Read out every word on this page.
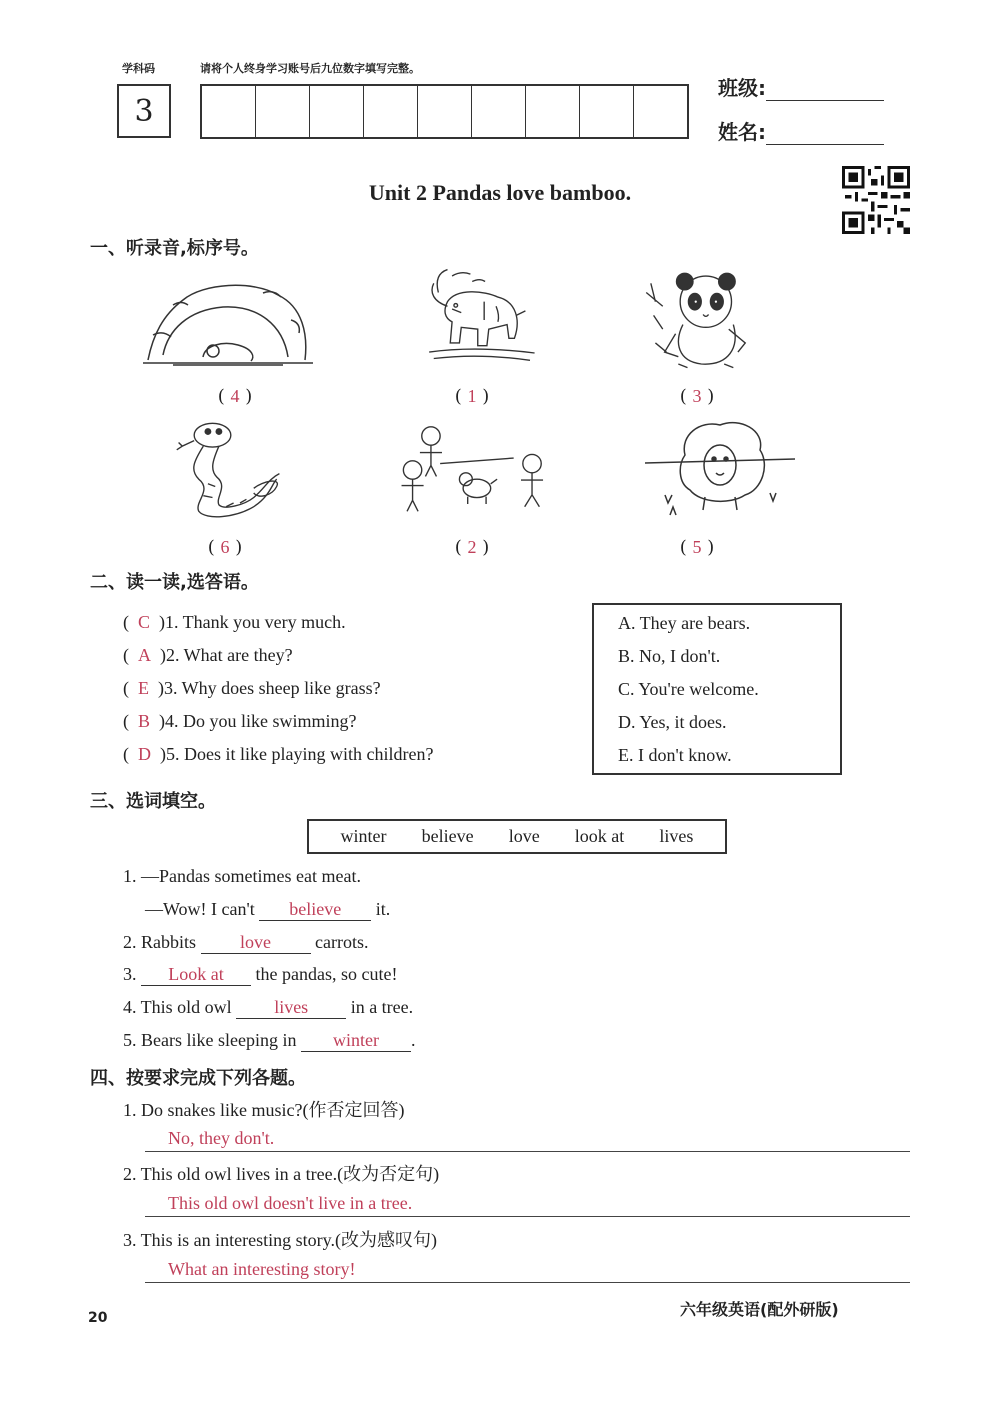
学科码	请将个人终身学习账号后九位数字填写完整。
3
班级:
姓名:
Unit 2 Pandas love bamboo.
一、听录音,标序号。
( 4 )	( 1 )	( 3 )
( 6 )	( 2 )	( 5 )
二、读一读,选答语。
(  C )1. Thank you very much.
(  A )2. What are they?
(  E )3. Why does sheep like grass?
(  B )4. Do you like swimming?
(  D )5. Does it like playing with children?
A. They are bears.
B. No, I don't.
C. You're welcome.
D. Yes, it does.
E. I don't know.
三、选词填空。
winter believe love look at lives
1. —Pandas sometimes eat meat.
—Wow! I can't believe it.
2. Rabbits love carrots.
3. Look at the pandas, so cute!
4. This old owl lives in a tree.
5. Bears like sleeping in winter .
四、按要求完成下列各题。
1. Do snakes like music?(作否定回答)
No, they don't.
2. This old owl lives in a tree.(改为否定句)
This old owl doesn't live in a tree.
3. This is an interesting story.(改为感叹句)
What an interesting story!
20	六年级英语(配外研版)
